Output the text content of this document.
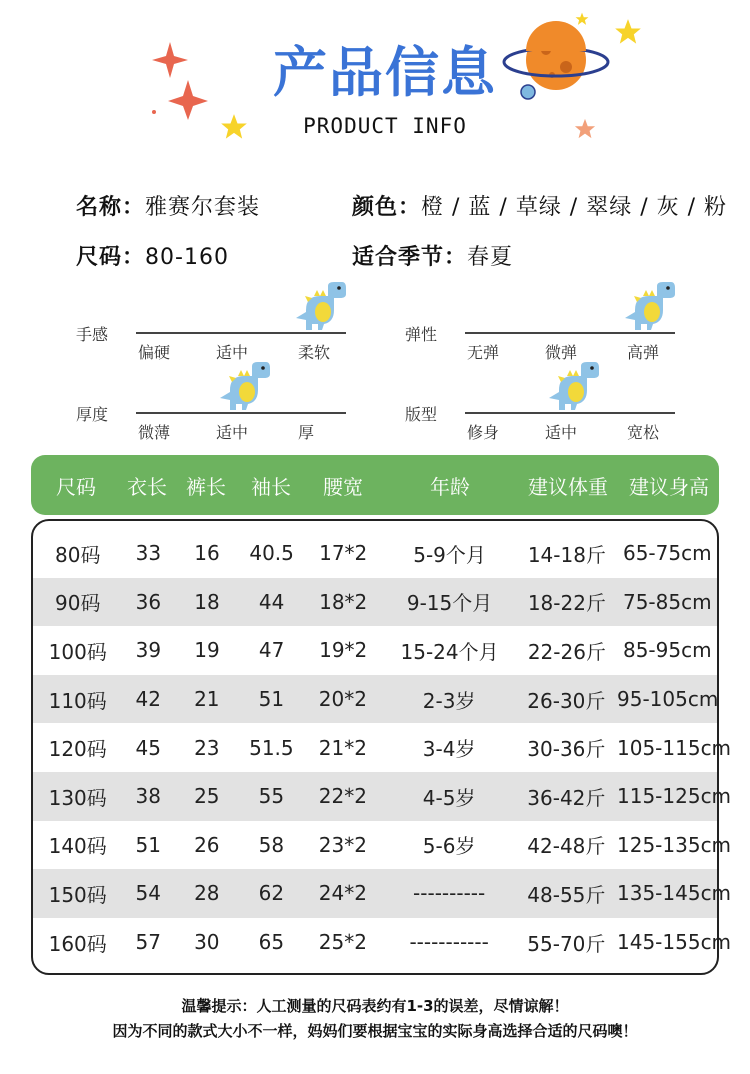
产品信息
PRODUCT INFO
名称：雅赛尔套装	颜色：橙 / 蓝 / 草绿 / 翠绿 / 灰 / 粉
尺码：80-160	适合季节：春夏
手感
偏硬	适中	柔软
弹性
无弹	微弹	高弹
厚度
微薄	适中	厚
版型
修身	适中	宽松
尺码	衣长 裤长	袖长	腰宽	年龄	建议体重	建议身高
80码	33	16	40.5	17*2	5-9个月	14-18斤 65-75cm
90码	36	18	44	18*2	9-15个月	18-22斤 75-85cm
100码	39	19	47	19*2	15-24个月	22-26斤 85-95cm
110码	42	21	51	20*2	2-3岁	26-30斤 95-105cm
120码	45	23	51.5	21*2	3-4岁	30-36斤 105-115cm
130码	38	25	55	22*2	4-5岁	36-42斤 115-125cm
140码	51	26	58	23*2	5-6岁	42-48斤 125-135cm
150码	54	28	62	24*2	----------	48-55斤 135-145cm
160码	57	30	65	25*2	-----------	55-70斤 145-155cm
温馨提示：人工测量的尺码表约有1-3的误差，尽情谅解！
因为不同的款式大小不一样，妈妈们要根据宝宝的实际身高选择合适的尺码噢！
